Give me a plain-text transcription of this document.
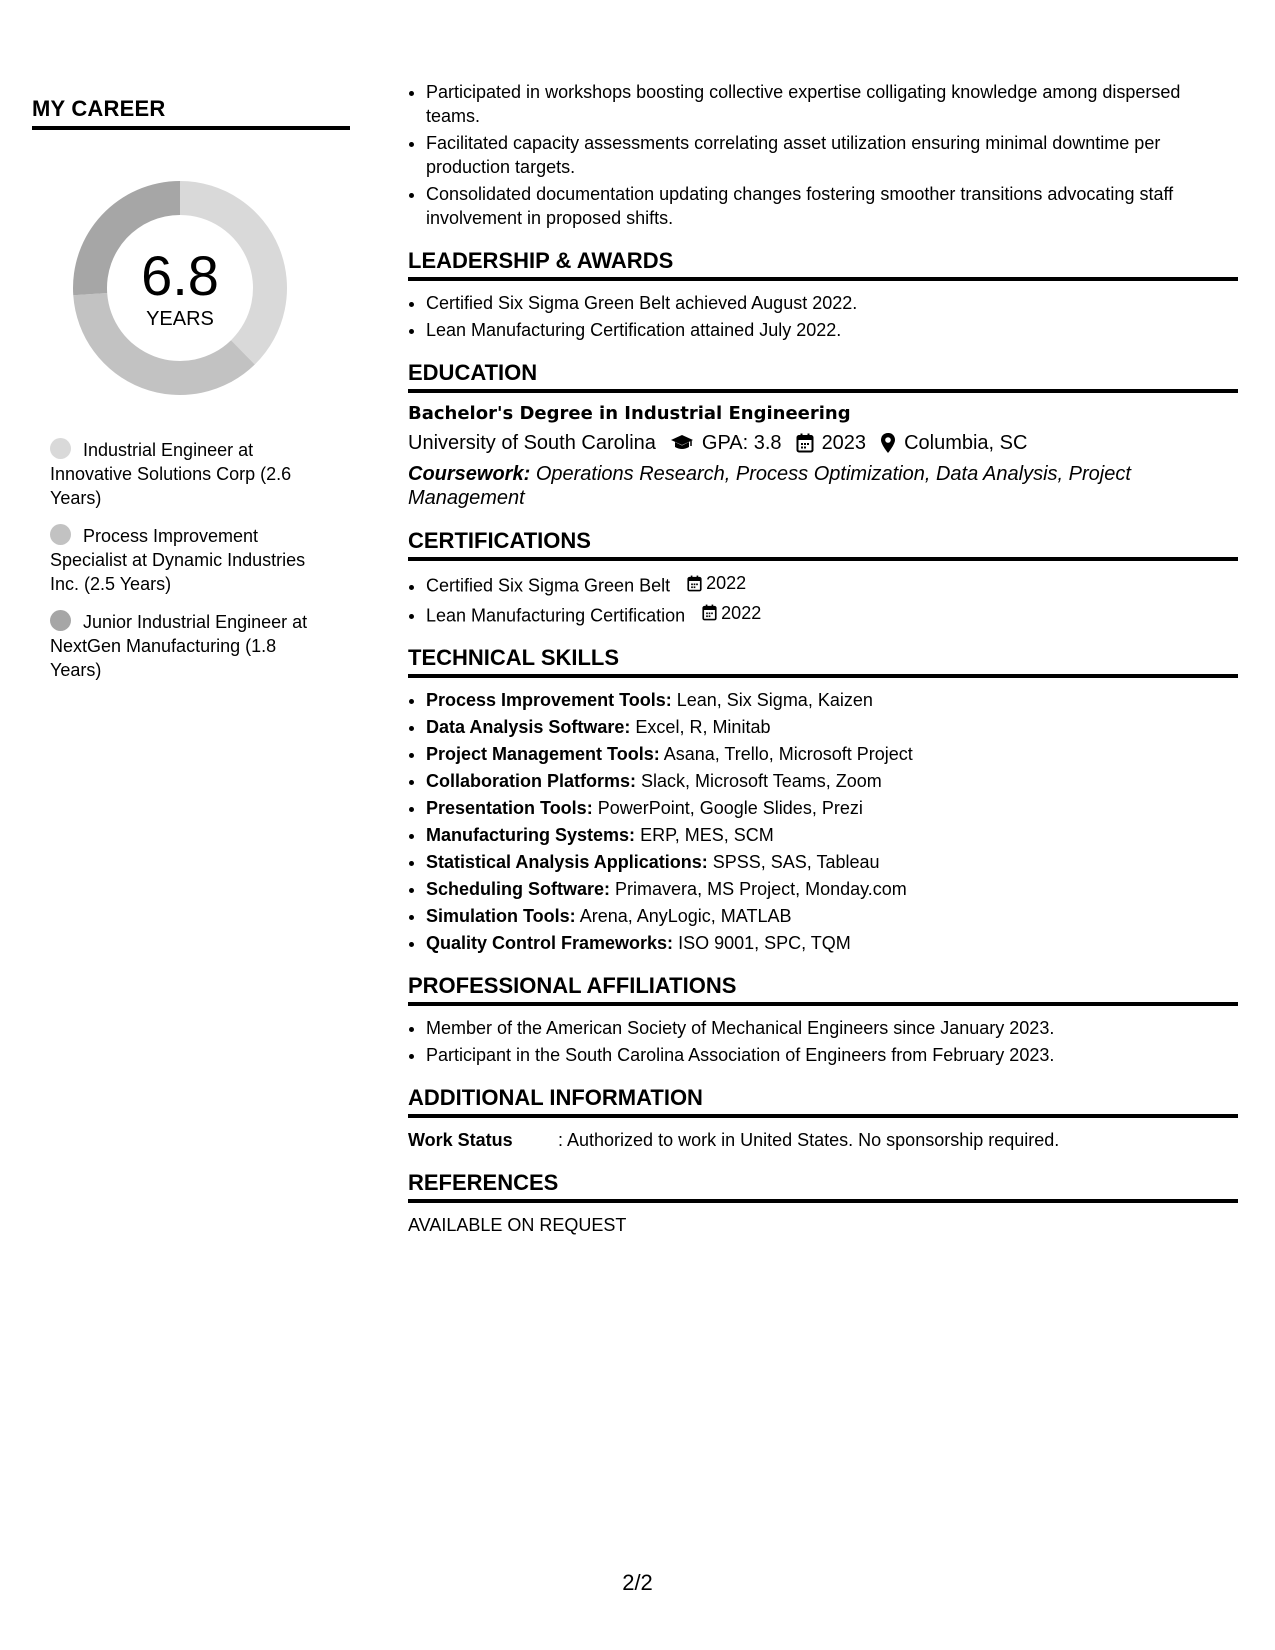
MY CAREER
6.8
YEARS
Industrial Engineer at Innovative Solutions Corp (2.6 Years)
Process Improvement Specialist at Dynamic Industries Inc. (2.5 Years)
Junior Industrial Engineer at NextGen Manufacturing (1.8 Years)
• Participated in workshops boosting collective expertise colligating knowledge among dispersed teams.
• Facilitated capacity assessments correlating asset utilization ensuring minimal downtime per production targets.
• Consolidated documentation updating changes fostering smoother transitions advocating staff involvement in proposed shifts.
LEADERSHIP & AWARDS
• Certified Six Sigma Green Belt achieved August 2022.
• Lean Manufacturing Certification attained July 2022.
EDUCATION
Bachelor's Degree in Industrial Engineering
University of South Carolina GPA: 3.8 2023 Columbia, SC
Coursework: Operations Research, Process Optimization, Data Analysis, Project Management
CERTIFICATIONS
• Certified Six Sigma Green Belt 2022
• Lean Manufacturing Certification 2022
TECHNICAL SKILLS
• Process Improvement Tools: Lean, Six Sigma, Kaizen
• Data Analysis Software: Excel, R, Minitab
• Project Management Tools: Asana, Trello, Microsoft Project
• Collaboration Platforms: Slack, Microsoft Teams, Zoom
• Presentation Tools: PowerPoint, Google Slides, Prezi
• Manufacturing Systems: ERP, MES, SCM
• Statistical Analysis Applications: SPSS, SAS, Tableau
• Scheduling Software: Primavera, MS Project, Monday.com
• Simulation Tools: Arena, AnyLogic, MATLAB
• Quality Control Frameworks: ISO 9001, SPC, TQM
PROFESSIONAL AFFILIATIONS
• Member of the American Society of Mechanical Engineers since January 2023.
• Participant in the South Carolina Association of Engineers from February 2023.
ADDITIONAL INFORMATION
Work Status	: Authorized to work in United States. No sponsorship required.
REFERENCES
AVAILABLE ON REQUEST
2/2
